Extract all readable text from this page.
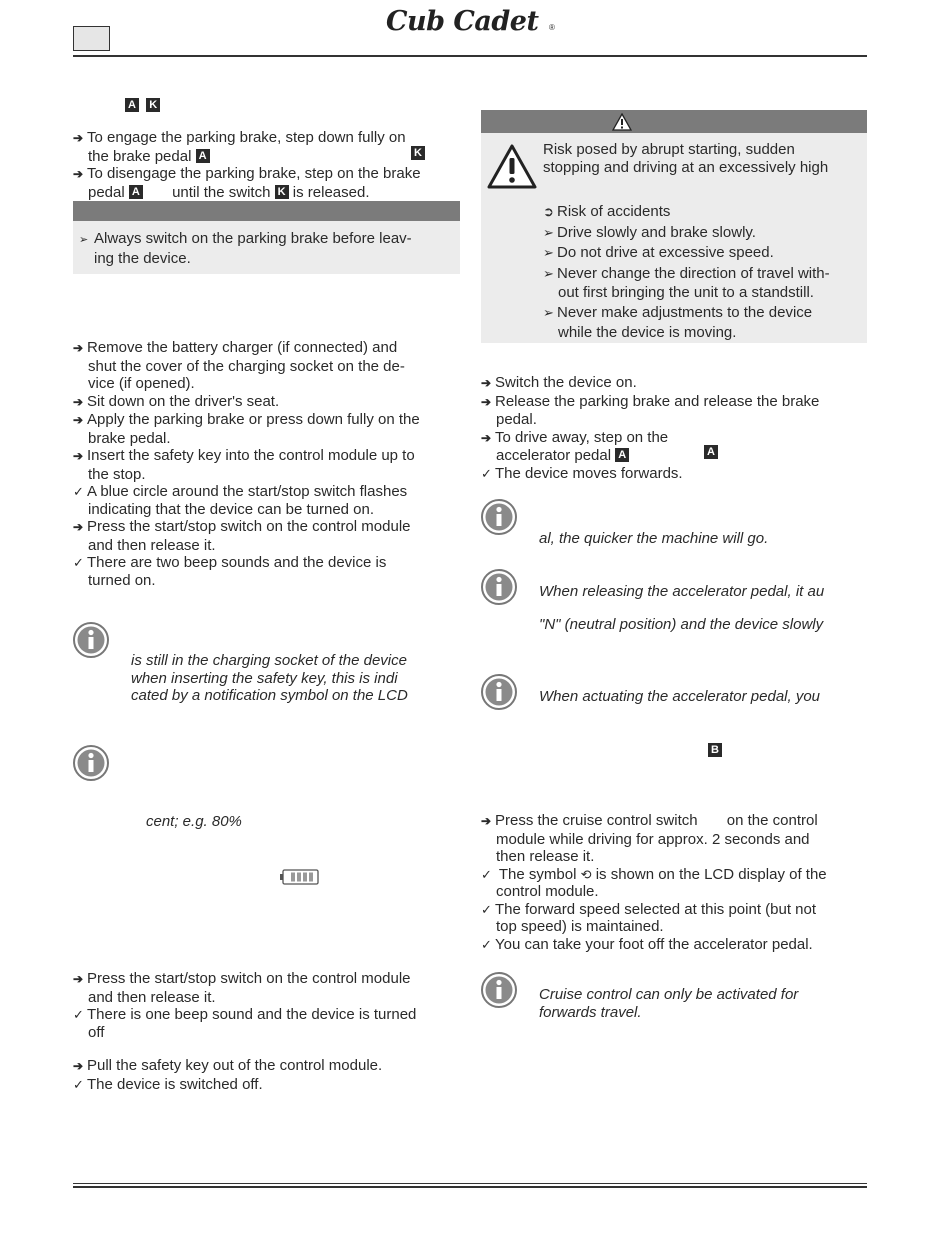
Cub Cadet	®
A K
➔ To engage the parking brake, step down fully on
the brake pedal A	K
➔ To disengage the parking brake, step on the brake
pedal A until the switch K is released.
➢ Always switch on the parking brake before leav-
ing the device.
➔ Remove the battery charger (if connected) and
shut the cover of the charging socket on the de-
vice (if opened).
➔ Sit down on the driver's seat.
➔ Apply the parking brake or press down fully on the
brake pedal.
➔ Insert the safety key into the control module up to
the stop.
✓ A blue circle around the start/stop switch flashes
indicating that the device can be turned on.
➔ Press the start/stop switch on the control module
and then release it.
✓ There are two beep sounds and the device is
turned on.
is still in the charging socket of the device
when inserting the safety key, this is indi
cated by a notification symbol on the LCD
cent; e.g. 80%
➔ Press the start/stop switch on the control module
and then release it.
✓ There is one beep sound and the device is turned
off
➔ Pull the safety key out of the control module.
✓ The device is switched off.
Risk posed by abrupt starting, sudden
stopping and driving at an excessively high
➲ Risk of accidents
➢ Drive slowly and brake slowly.
➢ Do not drive at excessive speed.
➢ Never change the direction of travel with-
out first bringing the unit to a standstill.
➢ Never make adjustments to the device
while the device is moving.
➔ Switch the device on.
➔ Release the parking brake and release the brake
pedal.
➔ To drive away, step on the
accelerator pedal A	A
✓ The device moves forwards.
al, the quicker the machine will go.
When releasing the accelerator pedal, it au
"N" (neutral position) and the device slowly
When actuating the accelerator pedal, you
B
➔ Press the cruise control switch on the control
module while driving for approx. 2 seconds and
then release it.
✓ The symbol ⟲ is shown on the LCD display of the
control module.
✓ The forward speed selected at this point (but not
top speed) is maintained.
✓ You can take your foot off the accelerator pedal.
Cruise control can only be activated for
forwards travel.
